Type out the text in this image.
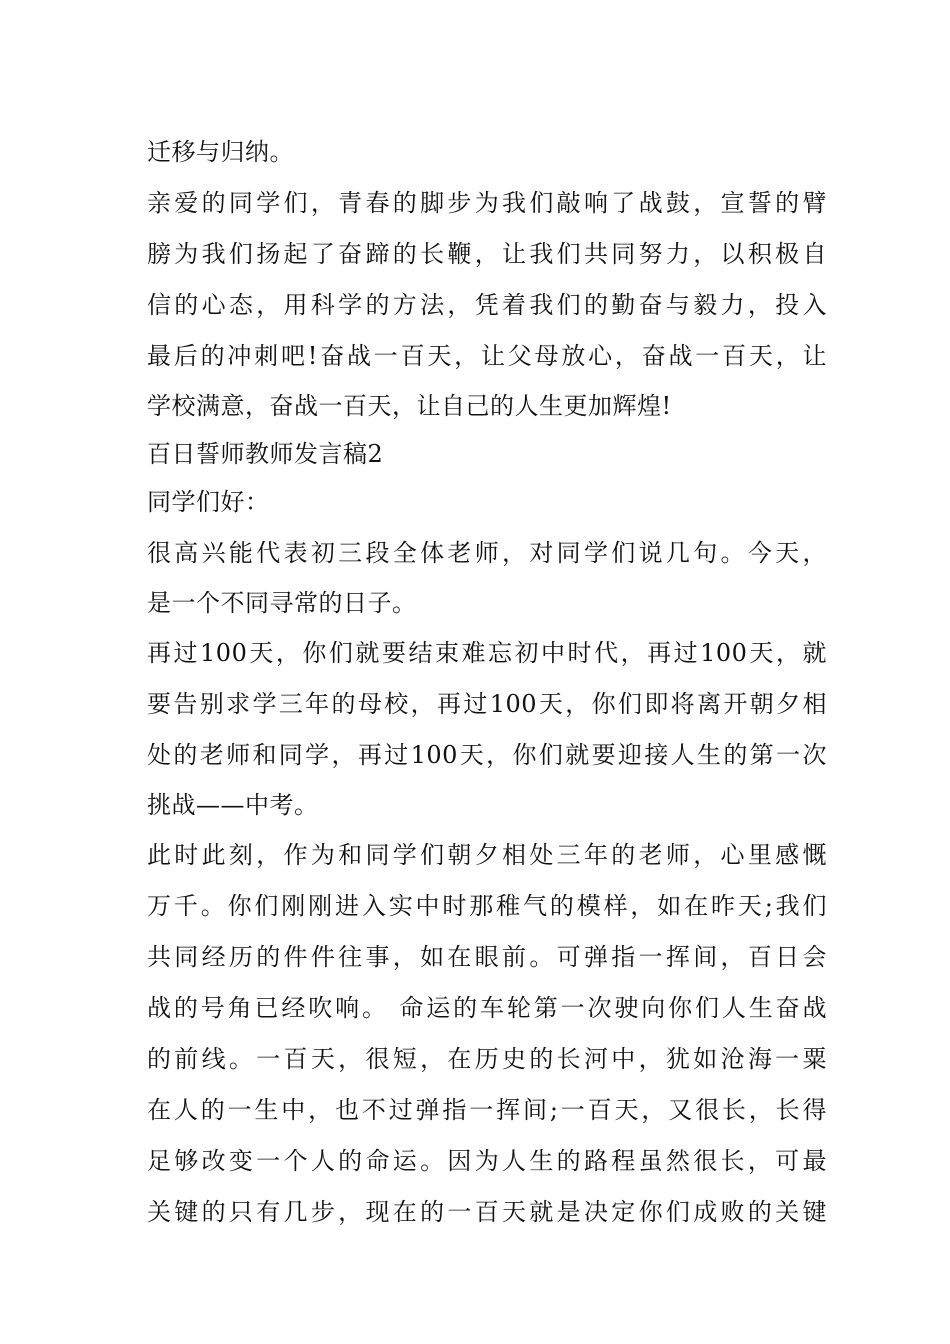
迁移与归纳。
亲爱的同学们，青春的脚步为我们敲响了战鼓，宣誓的臂
膀为我们扬起了奋蹄的长鞭，让我们共同努力，以积极自
信的心态，用科学的方法，凭着我们的勤奋与毅力，投入
最后的冲刺吧!奋战一百天，让父母放心，奋战一百天，让
学校满意，奋战一百天，让自己的人生更加辉煌!
百日誓师教师发言稿2
同学们好：
很高兴能代表初三段全体老师，对同学们说几句。今天，
是一个不同寻常的日子。
再过100天，你们就要结束难忘初中时代，再过100天，就
要告别求学三年的母校，再过100天，你们即将离开朝夕相
处的老师和同学，再过100天，你们就要迎接人生的第一次
挑战——中考。
此时此刻，作为和同学们朝夕相处三年的老师，心里感慨
万千。你们刚刚进入实中时那稚气的模样，如在昨天;我们
共同经历的件件往事，如在眼前。可弹指一挥间，百日会
战的号角已经吹响。 命运的车轮第一次驶向你们人生奋战
的前线。一百天，很短，在历史的长河中，犹如沧海一粟
在人的一生中，也不过弹指一挥间;一百天，又很长，长得
足够改变一个人的命运。因为人生的路程虽然很长，可最
关键的只有几步，现在的一百天就是决定你们成败的关键
